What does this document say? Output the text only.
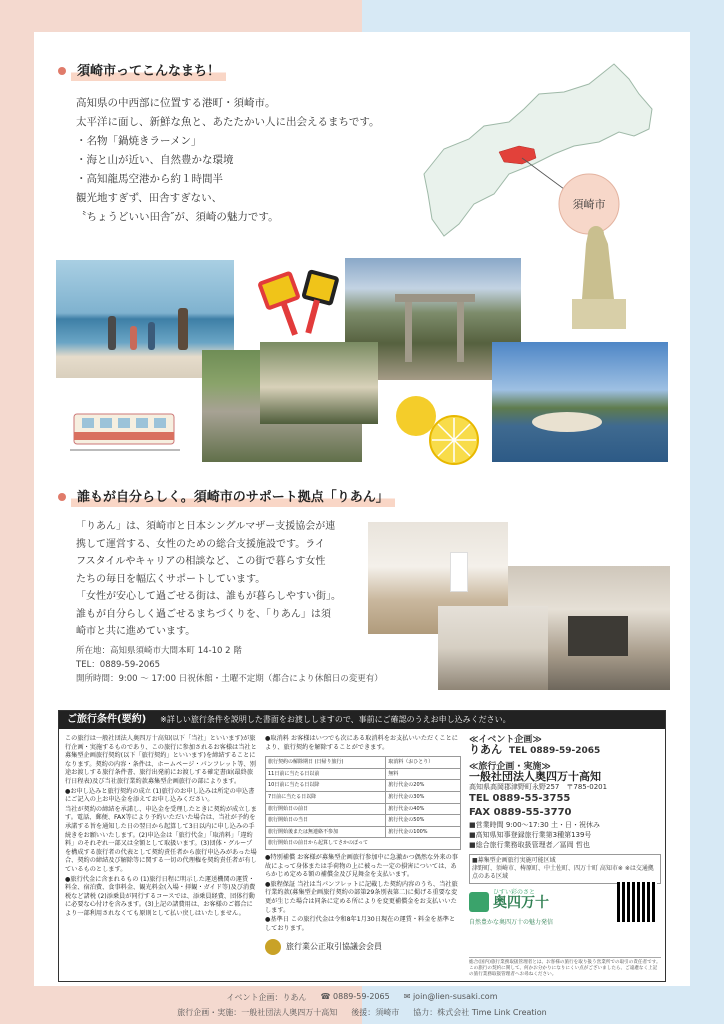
須崎市ってこんなまち！
高知県の中西部に位置する港町・須崎市。
太平洋に面し、新鮮な魚と、あたたかい人に出会えるまちです。
・名物「鍋焼きラーメン」
・海と山が近い、自然豊かな環境
・高知龍馬空港から約１時間半
観光地すぎず、田舎すぎない、
〝ちょうどいい田舎″が、須崎の魅力です。
須崎市
誰もが自分らしく。須崎市のサポート拠点「りあん」
「りあん」は、須崎市と日本シングルマザー支援協会が連
携して運営する、女性のための総合支援施設です。ライ
フスタイルやキャリアの相談など、この街で暮らす女性
たちの毎日を幅広くサポートしています。
「女性が安心して過ごせる街は、誰もが暮らしやすい街」。
誰もが自分らしく過ごせるまちづくりを、「りあん」は須
崎市と共に進めています。
所在地：高知県須崎市大間本町 14-10 2 階
TEL：0889-59-2065
開所時間：9:00 ～ 17:00 日祝休館・土曜不定期（都合により休館日の変更有）
ご旅行条件(要約) ※詳しい旅行条件を説明した書面をお渡ししますので、事前にご確認のうえお申し込みください。

この旅行は一般社団法人奥四万十高知(以下「当社」といいます)が旅行企画・実施するものであり、この旅行に参加されるお客様は当社と募集型企画旅行契約(以下「旅行契約」といいます)を締結することになります。契約の内容・条件は、ホームページ・パンフレット等、別途お渡しする旅行条件書、旅行出発前にお渡しする確定書面(最終旅行日程表)及び当社旅行業約款募集型企画旅行の部によります。

●お申し込みと旅行契約の成立 (1)旅行のお申し込みは所定の申込書にご記入の上お申込金を添えてお申し込みください。

当社が契約の締結を承諾し、申込金を受理したときに契約が成立します。電話、郵便、FAX等により予約いただいた場合は、当社が予約を承諾する旨を通知した日の翌日から起算して3日以内に申し込みの手続きをお願いいたします。(2)申込金は「旅行代金」「取消料」「違約料」のそれぞれ一部又は全額として取扱います。(3)団体・グループを構成する旅行者の代表として契約責任者から旅行申込みがあった場合、契約の締結及び解除等に関する一切の代理権を契約責任者が有しているものとします。

●旅行代金に含まれるもの (1)旅行日程に明示した運送機関の運賃・料金、宿泊費、食事料金、観光料金(入場・拝観・ガイド等)及び消費税など諸税 (2)添乗員が同行するコースでは、添乗員経費、団体行動に必要な心付けを含みます。(3)上記の諸費用は、お客様のご都合により一部利用されなくても原則として払い戻しはいたしません。

●取消料 お客様はいつでも次にある取消料をお支払いいただくことにより、旅行契約を解除することができます。

旅行契約の解除期日 (日帰り旅行)	取消料（おひとり）
11日前に当たる日以前	無料
10日前に当たる日以降	旅行代金の20%
7日前に当たる日以降	旅行代金の30%
旅行開始日の前日	旅行代金の40%
旅行開始日の当日	旅行代金の50%
旅行開始後または無連絡不参加	旅行代金の100%
旅行開始日の前日から起算してさかのぼって	

●特別補償 お客様が募集型企画旅行参加中に急激かつ偶然な外来の事故によって身体または手荷物の上に被った一定の損害については、あらかじめ定める額の補償金及び見舞金を支払います。

●旅程保証 当社は当パンフレットに記載した契約内容のうち、当社旅行業約款(募集型企画旅行契約の部第29条別表第二)に掲げる重要な変更が生じた場合は同条に定める所によりを変更補償金をお支払いいたします。

●基準日 この旅行代金は令和8年1月30日現在の運賃・料金を基準としております。

旅行業公正取引協議会会員
≪イベント企画≫
りあん　 TEL 0889-59-2065
≪旅行企画・実施≫
一般社団法人奥四万十高知
高知県高岡郡津野町永野257　〒785-0201
TEL 0889-55-3755
FAX 0889-55-3770
■営業時間 9:00～17:30 土・日・祝休み
■高知県知事登録旅行業第3種第139号
■総合旅行業務取扱管理者／冨岡 哲也
■募集型企画旅行実施可能区域
津野町、須崎市、梼原町、中土佐町、四万十町 高知市※ ※は交通拠点のある区域
ひすい彩のさと
奥四万十
自然豊かな奥四万十の魅力発信
総合(国内)旅行業務取扱管理者とは、お客様の旅行を取り扱う営業所での取引の責任者です。この旅行の契約に関して、何かお分かりになりにくい点がございましたら、ご遠慮なく上記の旅行業務取扱管理者へお尋ねください。
イベント企画：りあん ☎ 0889-59-2065 ✉ join@lien-susaki.com
旅行企画・実施：一般社団法人奥四万十高知 後援：須崎市 協力：株式会社 Time Link Creation
